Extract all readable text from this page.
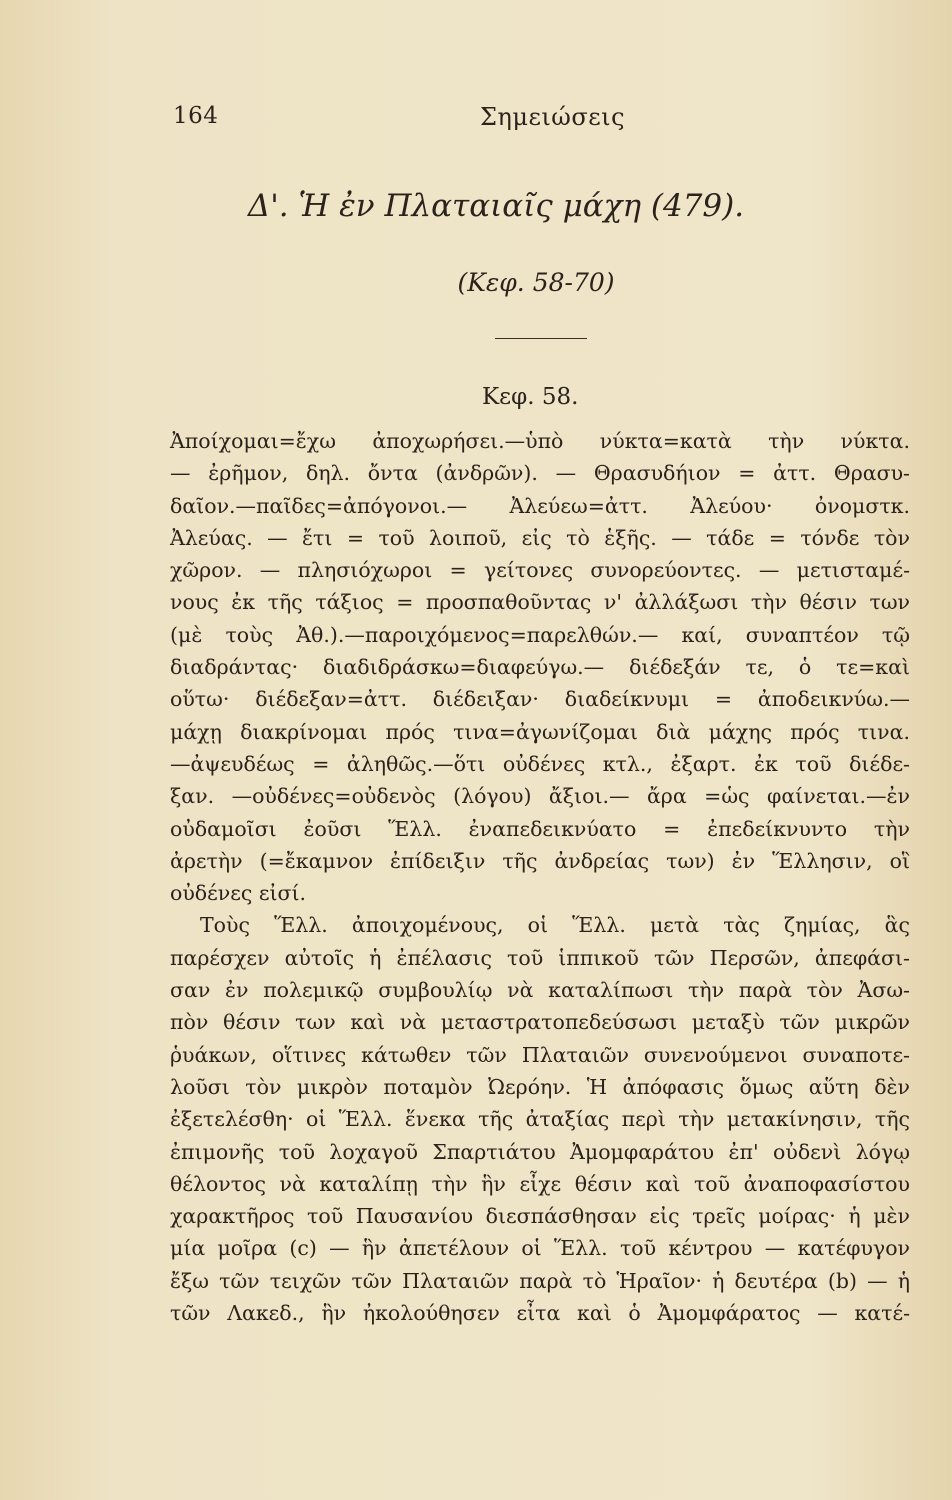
164	Σημειώσεις
Δ'. Ἡ ἐν Πλαταιαῖς μάχη (479).
(Κεφ. 58-70)
Κεφ. 58.
Ἀποίχομαι=ἔχω ἀποχωρήσει.—ὑπὸ νύκτα=κατὰ τὴν νύκτα.
— ἐρῆμον, δηλ. ὄντα (ἀνδρῶν). — Θρασυδήιον = ἀττ. Θρασυ-
δαῖον.—παῖδες=ἀπόγονοι.— Ἀλεύεω=ἀττ. Ἀλεύου· ὀνομστκ.
Ἀλεύας. — ἔτι = τοῦ λοιποῦ, εἰς τὸ ἑξῆς. — τάδε = τόνδε τὸν
χῶρον. — πλησιόχωροι = γείτονες συνορεύοντες. — μετισταμέ-
νους ἐκ τῆς τάξιος = προσπαθοῦντας ν' ἀλλάξωσι τὴν θέσιν των
(μὲ τοὺς Ἀθ.).—παροιχόμενος=παρελθών.— καί, συναπτέον τῷ
διαδράντας· διαδιδράσκω=διαφεύγω.— διέδεξάν τε, ὁ τε=καὶ
οὕτω· διέδεξαν=ἀττ. διέδειξαν· διαδείκνυμι = ἀποδεικνύω.—
μάχῃ διακρίνομαι πρός τινα=ἀγωνίζομαι διὰ μάχης πρός τινα.
—ἀψευδέως = ἀληθῶς.—ὅτι οὐδένες κτλ., ἐξαρτ. ἐκ τοῦ διέδε-
ξαν. —οὐδένες=οὐδενὸς (λόγου) ἄξιοι.— ἄρα =ὡς φαίνεται.—ἐν
οὐδαμοῖσι ἐοῦσι Ἕλλ. ἐναπεδεικνύατο = ἐπεδείκνυντο τὴν
ἀρετὴν (=ἔκαμνον ἐπίδειξιν τῆς ἀνδρείας των) ἐν Ἕλλησιν, οἳ
οὐδένες εἰσί.
Τοὺς Ἕλλ. ἀποιχομένους, οἱ Ἕλλ. μετὰ τὰς ζημίας, ἃς
παρέσχεν αὐτοῖς ἡ ἐπέλασις τοῦ ἱππικοῦ τῶν Περσῶν, ἀπεφάσι-
σαν ἐν πολεμικῷ συμβουλίῳ νὰ καταλίπωσι τὴν παρὰ τὸν Ἀσω-
πὸν θέσιν των καὶ νὰ μεταστρατοπεδεύσωσι μεταξὺ τῶν μικρῶν
ῥυάκων, οἵτινες κάτωθεν τῶν Πλαταιῶν συνενούμενοι συναποτε-
λοῦσι τὸν μικρὸν ποταμὸν Ὠερόην. Ἡ ἀπόφασις ὅμως αὕτη δὲν
ἐξετελέσθη· οἱ Ἕλλ. ἕνεκα τῆς ἀταξίας περὶ τὴν μετακίνησιν, τῆς
ἐπιμονῆς τοῦ λοχαγοῦ Σπαρτιάτου Ἀμομφαράτου ἐπ' οὐδενὶ λόγῳ
θέλοντος νὰ καταλίπῃ τὴν ἣν εἶχε θέσιν καὶ τοῦ ἀναποφασίστου
χαρακτῆρος τοῦ Παυσανίου διεσπάσθησαν εἰς τρεῖς μοίρας· ἡ μὲν
μία μοῖρα (c) — ἣν ἀπετέλουν οἱ Ἕλλ. τοῦ κέντρου — κατέφυγον
ἔξω τῶν τειχῶν τῶν Πλαταιῶν παρὰ τὸ Ἡραῖον· ἡ δευτέρα (b) — ἡ
τῶν Λακεδ., ἣν ἠκολούθησεν εἶτα καὶ ὁ Ἀμομφάρατος — κατέ-
